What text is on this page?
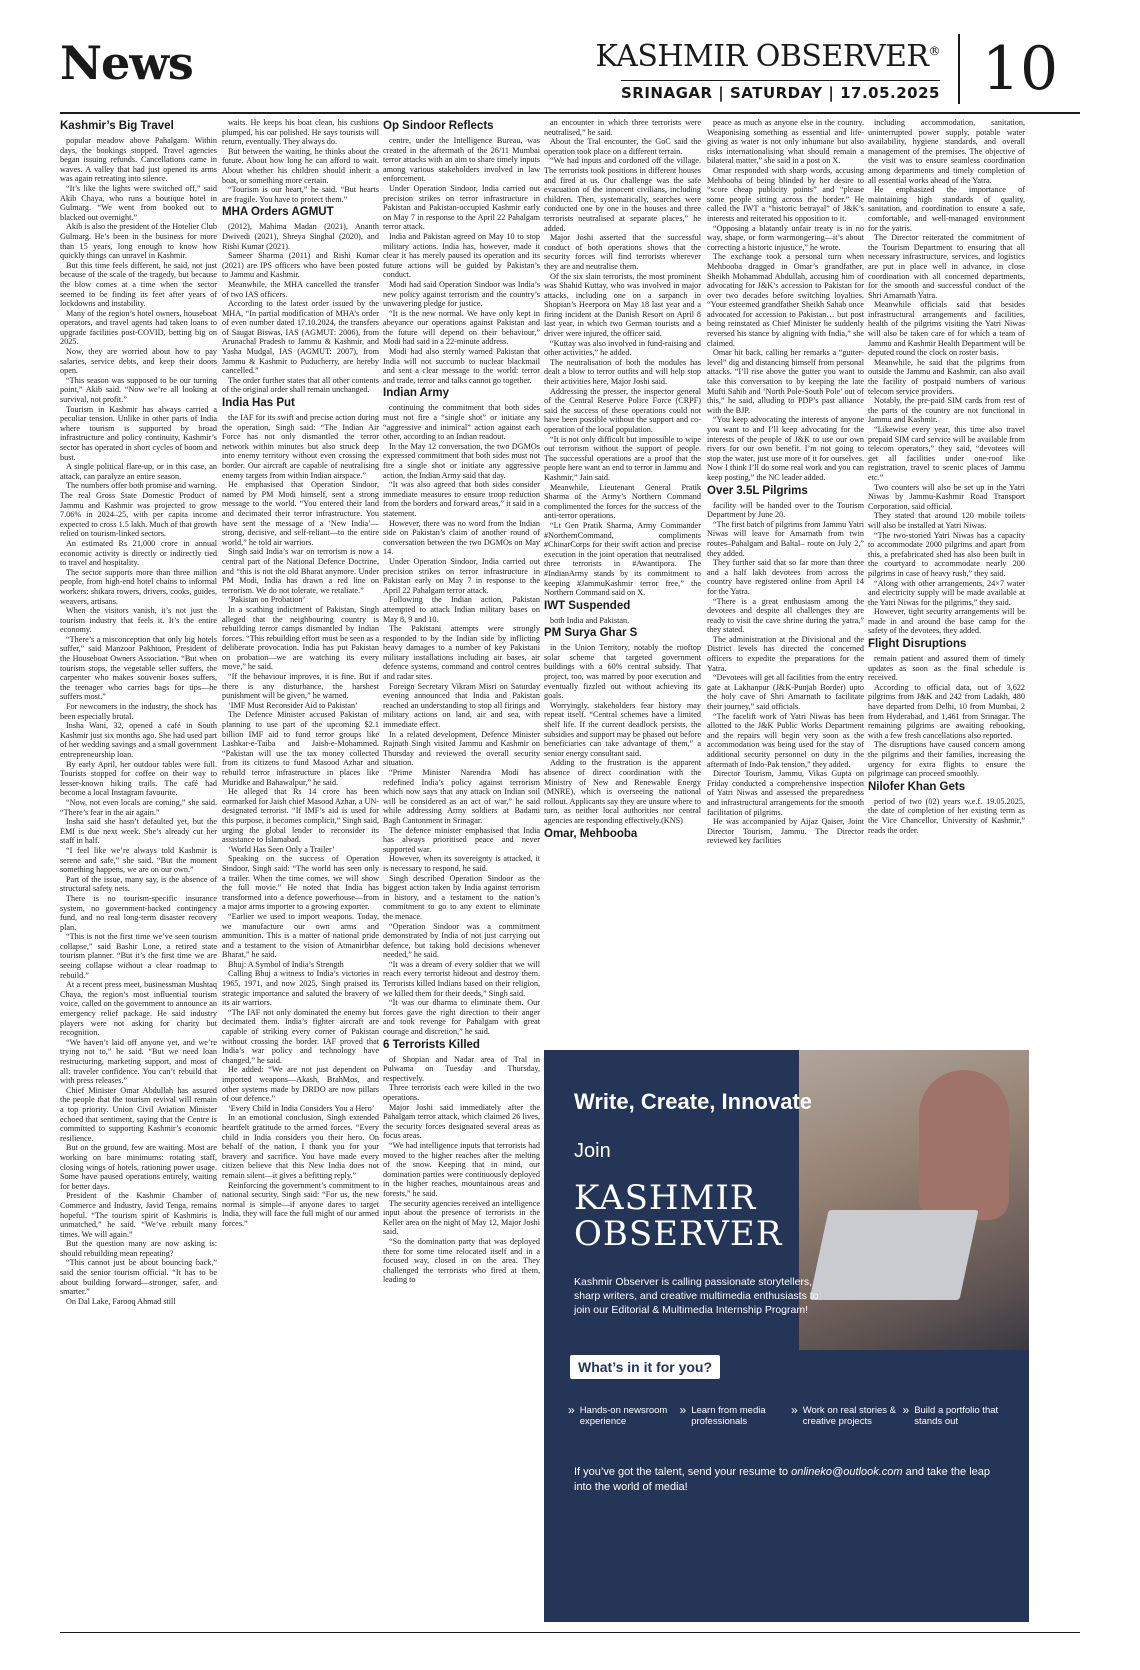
News	KASHMIR OBSERVER®
SRINAGAR | SATURDAY | 17.05.2025 10
Kashmir’s Big Travel

popular meadow above Pahalgam. Within days, the bookings stopped. Travel agencies began issuing refunds. Cancellations came in waves. A valley that had just opened its arms was again retreating into silence.

“It’s like the lights were switched off,” said Akib Chaya, who runs a boutique hotel in Gulmarg. “We went from booked out to blacked out overnight.”

Akib is also the president of the Hotelier Club Gulmarg. He’s been in the business for more than 15 years, long enough to know how quickly things can unravel in Kashmir.

But this time feels different, he said, not just because of the scale of the tragedy, but because the blow comes at a time when the sector seemed to be finding its feet after years of lockdowns and instability.

Many of the region’s hotel owners, houseboat operators, and travel agents had taken loans to upgrade facilities post-COVID, betting big on 2025.

Now, they are worried about how to pay salaries, service debts, and keep their doors open.

“This season was supposed to be our turning point,” Akib said. “Now we’re all looking at survival, not profit.”

Tourism in Kashmir has always carried a peculiar tension. Unlike in other parts of India where tourism is supported by broad infrastructure and policy continuity, Kashmir’s sector has operated in short cycles of boom and bust.

A single political flare-up, or in this case, an attack, can paralyze an entire season.

The numbers offer both promise and warning. The real Gross State Domestic Product of Jammu and Kashmir was projected to grow 7.06% in 2024–25, with per capita income expected to cross 1.5 lakh. Much of that growth relied on tourism-linked sectors.

An estimated Rs 21,000 crore in annual economic activity is directly or indirectly tied to travel and hospitality.

The sector supports more than three million people, from high-end hotel chains to informal workers: shikara rowers, drivers, cooks, guides, weavers, artisans.

When the visitors vanish, it’s not just the tourism industry that feels it. It’s the entire economy.

“There’s a misconception that only big hotels suffer,” said Manzoor Pakhtoon, President of the Houseboat Owners Association. “But when tourism stops, the vegetable seller suffers, the carpenter who makes souvenir boxes suffers, the teenager who carries bags for tips—he suffers most.”

For newcomers in the industry, the shock has been especially brutal.

Insha Wani, 32, opened a café in South Kashmir just six months ago. She had used part of her wedding savings and a small government entrepreneurship loan.

By early April, her outdoor tables were full. Tourists stopped for coffee on their way to lesser-known hiking trails. The café had become a local Instagram favourite.

“Now, not even locals are coming,” she said. “There’s fear in the air again.”

Insha said she hasn’t defaulted yet, but the EMI is due next week. She’s already cut her staff in half.

“I feel like we’re always told Kashmir is serene and safe,” she said. “But the moment something happens, we are on our own.”

Part of the issue, many say, is the absence of structural safety nets.

There is no tourism-specific insurance system, no government-backed contingency fund, and no real long-term disaster recovery plan.

“This is not the first time we’ve seen tourism collapse,” said Bashir Lone, a retired state tourism planner. “But it’s the first time we are seeing collapse without a clear roadmap to rebuild.”

At a recent press meet, businessman Mushtaq Chaya, the region’s most influential tourism voice, called on the government to announce an emergency relief package. He said industry players were not asking for charity but recognition.

“We haven’t laid off anyone yet, and we’re trying not to,” he said. “But we need loan restructuring, marketing support, and most of all: traveler confidence. You can’t rebuild that with press releases.”

Chief Minister Omar Abdullah has assured the people that the tourism revival will remain a top priority. Union Civil Aviation Minister echoed that sentiment, saying that the Centre is committed to supporting Kashmir’s economic resilience.

But on the ground, few are waiting. Most are working on bare minimums: rotating staff, closing wings of hotels, rationing power usage. Some have paused operations entirely, waiting for better days.

President of the Kashmir Chamber of Commerce and Industry, Javid Tenga, remains hopeful. “The tourism spirit of Kashmiris is unmatched,” he said. “We’ve rebuilt many times. We will again.”

But the question many are now asking is: should rebuilding mean repeating?

“This cannot just be about bouncing back,” said the senior tourism official. “It has to be about building forward—stronger, safer, and smarter.”

On Dal Lake, Farooq Ahmad still

waits. He keeps his boat clean, his cushions plumped, his oar polished. He says tourists will return, eventually. They always do.

But between the waiting, he thinks about the future. About how long he can afford to wait. About whether his children should inherit a boat, or something more certain.

“Tourism is our heart,” he said. “But hearts are fragile. You have to protect them.”

MHA Orders AGMUT

(2012), Mahima Madan (2021), Ananth Dwivedi (2021), Shreya Singhal (2020), and Rishi Kumar (2021).

Sameer Sharma (2011) and Rishi Kumar (2021) are IPS officers who have been posted to Jammu and Kashmir.

Meanwhile, the MHA cancelled the transfer of two IAS officers.

According to the latest order issued by the MHA, “In partial modification of MHA’s order of even number dated 17.10.2024, the transfers of Saugat Biswas, IAS (AGMUT: 2006), from Arunachal Pradesh to Jammu & Kashmir, and Yasha Mudgal, IAS (AGMUT: 2007), from Jammu & Kashmir to Puducherry, are hereby cancelled.”

The order further states that all other contents of the original order shall remain unchanged.

India Has Put

the IAF for its swift and precise action during the operation, Singh said: “The Indian Air Force has not only dismantled the terror network within minutes but also struck deep into enemy territory without even crossing the border. Our aircraft are capable of neutralising enemy targets from within Indian airspace.”

He emphasised that Operation Sindoor, named by PM Modi himself, sent a strong message to the world. “You entered their land and decimated their terror infrastructure. You have sent the message of a ‘New India’—strong, decisive, and self-reliant—to the entire world,” he told air warriors.

Singh said India’s war on terrorism is now a central part of the National Defence Doctrine, and “this is not the old Bharat anymore. Under PM Modi, India has drawn a red line on terrorism. We do not tolerate, we retaliate.”

‘Pakistan on Probation’

In a scathing indictment of Pakistan, Singh alleged that the neighbouring country is rebuilding terror camps dismantled by Indian forces. “This rebuilding effort must be seen as a deliberate provocation. India has put Pakistan on probation—we are watching its every move,” he said.

“If the behaviour improves, it is fine. But if there is any disturbance, the harshest punishment will be given,” he warned.

‘IMF Must Reconsider Aid to Pakistan’

The Defence Minister accused Pakistan of planning to use part of the upcoming $2.1 billion IMF aid to fund terror groups like Lashkar-e-Taiba and Jaish-e-Mohammed. “Pakistan will use the tax money collected from its citizens to fund Masood Azhar and rebuild terror infrastructure in places like Muridke and Bahawalpur,” he said.

He alleged that Rs 14 crore has been earmarked for Jaish chief Masood Azhar, a UN-designated terrorist. “If IMF’s aid is used for this purpose, it becomes complicit,” Singh said, urging the global lender to reconsider its assistance to Islamabad.

‘World Has Seen Only a Trailer’

Speaking on the success of Operation Sindoor, Singh said: “The world has seen only a trailer. When the time comes, we will show the full movie.” He noted that India has transformed into a defence powerhouse—from a major arms importer to a growing exporter.

“Earlier we used to import weapons. Today, we manufacture our own arms and ammunition. This is a matter of national pride and a testament to the vision of Atmanirbhar Bharat,” he said.

Bhuj: A Symbol of India’s Strength

Calling Bhuj a witness to India’s victories in 1965, 1971, and now 2025, Singh praised its strategic importance and saluted the bravery of its air warriors.

“The IAF not only dominated the enemy but decimated them. India’s fighter aircraft are capable of striking every corner of Pakistan without crossing the border. IAF proved that India’s war policy and technology have changed,” he said.

He added: “We are not just dependent on imported weapons—Akash, BrahMos, and other systems made by DRDO are now pillars of our defence.”

‘Every Child in India Considers You a Hero’

In an emotional conclusion, Singh extended heartfelt gratitude to the armed forces. “Every child in India considers you their hero. On behalf of the nation, I thank you for your bravery and sacrifice. You have made every citizen believe that this New India does not remain silent—it gives a befitting reply.”

Reinforcing the government’s commitment to national security, Singh said: “For us, the new normal is simple—if anyone dares to target India, they will face the full might of our armed forces.”

Op Sindoor Reflects

centre, under the Intelligence Bureau, was created in the aftermath of the 26/11 Mumbai terror attacks with an aim to share timely inputs among various stakeholders involved in law enforcement.

Under Operation Sindoor, India carried out precision strikes on terror infrastructure in Pakistan and Pakistan-occupied Kashmir early on May 7 in response to the April 22 Pahalgam terror attack.

India and Pakistan agreed on May 10 to stop military actions. India has, however, made it clear it has merely paused its operation and its future actions will be guided by Pakistan’s conduct.

Modi had said Operation Sindoor was India’s new policy against terrorism and the country’s unwavering pledge for justice.

“It is the new normal. We have only kept in abeyance our operations against Pakistan and the future will depend on their behaviour,” Modi had said in a 22-minute address.

Modi had also sternly warned Pakistan that India will not succumb to nuclear blackmail and sent a clear message to the world: terror and trade, terror and talks cannot go together.

Indian Army

continuing the commitment that both sides must not fire a “single shot” or initiate any “aggressive and inimical” action against each other, according to an Indian readout.

In the May 12 conversation, the two DGMOs expressed commitment that both sides must not fire a single shot or initiate any aggressive action, the Indian Army said that day.

“It was also agreed that both sides consider immediate measures to ensure troop reduction from the borders and forward areas,” it said in a statement.

However, there was no word from the Indian side on Pakistan’s claim of another round of conversation between the two DGMOs on May 14.

Under Operation Sindoor, India carried out precision strikes on terror infrastructure in Pakistan early on May 7 in response to the April 22 Pahalgam terror attack.

Following the Indian action, Pakistan attempted to attack Indian military bases on May 8, 9 and 10.

The Pakistani attempts were strongly responded to by the Indian side by inflicting heavy damages to a number of key Pakistani military installations including air bases, air defence systems, command and control centres and radar sites.

Foreign Secretary Vikram Misri on Saturday evening announced that India and Pakistan reached an understanding to stop all firings and military actions on land, air and sea, with immediate effect.

In a related development, Defence Minister Rajnath Singh visited Jammu and Kashmir on Thursday and reviewed the overall security situation.

“Prime Minister Narendra Modi has redefined India’s policy against terrorism which now says that any attack on Indian soil will be considered as an act of war,” he said while addressing Army soldiers at Badami Bagh Cantonment in Srinagar.

The defence minister emphasised that India has always prioritised peace and never supported war.

However, when its sovereignty is attacked, it is necessary to respond, he said.

Singh described Operation Sindoor as the biggest action taken by India against terrorism in history, and a testament to the nation’s commitment to go to any extent to eliminate the menace.

“Operation Sindoor was a commitment demonstrated by India of not just carrying out defence, but taking bold decisions whenever needed,” he said.

“It was a dream of every soldier that we will reach every terrorist hideout and destroy them. Terrorists killed Indians based on their religion, we killed them for their deeds,” Singh said.

“It was our dharma to eliminate them. Our forces gave the right direction to their anger and took revenge for Pahalgam with great courage and discretion,” he said.

6 Terrorists Killed

of Shopian and Nadar area of Tral in Pulwama on Tuesday and Thursday, respectively.

Three terrorists each were killed in the two operations.

Major Joshi said immediately after the Pahalgam terror attack, which claimed 26 lives, the security forces designated several areas as focus areas.

“We had intelligence inputs that terrorists had moved to the higher reaches after the melting of the snow. Keeping that in mind, our domination parties were continuously deployed in the higher reaches, mountainous areas and forests,” he said.

The security agencies received an intelligence input about the presence of terrorists in the Keller area on the night of May 12, Major Joshi said.

“So the domination party that was deployed there for some time relocated itself and in a focused way, closed in on the area. They challenged the terrorists who fired at them, leading to

an encounter in which three terrorists were neutralised,” he said.

About the Tral encounter, the GoC said the operation took place on a different terrain.

“We had inputs and cordoned off the village. The terrorists took positions in different houses and fired at us. Our challenge was the safe evacuation of the innocent civilians, including children. Then, systematically, searches were conducted one by one in the houses and three terrorists neutralised at separate places,” he added.

Major Joshi asserted that the successful conduct of both operations shows that the security forces will find terrorists wherever they are and neutralise them.

Of the six slain terrorists, the most prominent was Shahid Kuttay, who was involved in major attacks, including one on a sarpanch in Shopian’s Heerpora on May 18 last year and a firing incident at the Danish Resort on April 8 last year, in which two German tourists and a driver were injured, the officer said.

“Kuttay was also involved in fund-raising and other activities,” he added.

The neutralisation of both the modules has dealt a blow to terror outfits and will help stop their activities here, Major Joshi said.

Addressing the presser, the inspector general of the Central Reserve Police Force (CRPF) said the success of these operations could not have been possible without the support and co-operation of the local population.

“It is not only difficult but impossible to wipe out terrorism without the support of people. The successful operations are a proof that the people here want an end to terror in Jammu and Kashmir,” Jain said.

Meanwhile, Lieutenant General Pratik Sharma of the Army’s Northern Command complimented the forces for the success of the anti-terror operations.

“Lt Gen Pratik Sharma, Army Commander #NorthernCommand, compliments #ChinarCorps for their swift action and precise execution in the joint operation that neutralised three terrorists in #Awantipora. The #IndianArmy stands by its commitment to keeping #JammuKashmir terror free,” the Northern Command said on X.

IWT Suspended

both India and Pakistan.

PM Surya Ghar S

in the Union Territory, notably the rooftop solar scheme that targeted government buildings with a 60% central subsidy. That project, too, was marred by poor execution and eventually fizzled out without achieving its goals.

Worryingly, stakeholders fear history may repeat itself. “Central schemes have a limited shelf life. If the current deadlock persists, the subsidies and support may be phased out before beneficiaries can take advantage of them,” a senior energy consultant said.

Adding to the frustration is the apparent absence of direct coordination with the Ministry of New and Renewable Energy (MNRE), which is overseeing the national rollout. Applicants say they are unsure where to turn, as neither local authorities nor central agencies are responding effectively.(KNS)

Omar, Mehbooba

peace as much as anyone else in the country. Weaponising something as essential and life-giving as water is not only inhumane but also risks internationalising what should remain a bilateral matter,” she said in a post on X.

Omar responded with sharp words, accusing Mehbooba of being blinded by her desire to “score cheap publicity points” and “please some people sitting across the border.” He called the IWT a “historic betrayal” of J&K’s interests and reiterated his opposition to it.

“Opposing a blatantly unfair treaty is in no way, shape, or form warmongering—it’s about correcting a historic injustice,” he wrote.

The exchange took a personal turn when Mehbooba dragged in Omar’s grandfather, Sheikh Mohammad Abdullah, accusing him of advocating for J&K’s accession to Pakistan for over two decades before switching loyalties. “Your esteemed grandfather Sheikh Sahab once advocated for accession to Pakistan… but post being reinstated as Chief Minister he suddenly reversed his stance by aligning with India,” she claimed.

Omar hit back, calling her remarks a “gutter-level” dig and distancing himself from personal attacks. “I’ll rise above the gutter you want to take this conversation to by keeping the late Mufti Sahib and ‘North Pole-South Pole’ out of this,” he said, alluding to PDP’s past alliance with the BJP.

“You keep advocating the interests of anyone you want to and I’ll keep advocating for the interests of the people of J&K to use our own rivers for our own benefit. I’m not going to stop the water, just use more of it for ourselves. Now I think I’ll do some real work and you can keep posting,” the NC leader added.

Over 3.5L Pilgrims

facility will be handed over to the Tourism Department by June 20.

“The first batch of pilgrims from Jammu Yatri Niwas will leave for Amarnath from twin routes–Pahalgam and Baltal– route on July 2,” they added.

They further said that so far more than three and a half lakh devotees from across the country have registered online from April 14 for the Yatra.

“There is a great enthusiasm among the devotees and despite all challenges they are ready to visit the cave shrine during the yatra,” they stated.

The administration at the Divisional and the District levels has directed the concerned officers to expedite the preparations for the Yatra.

“Devotees will get all facilities from the entry gate at Lakhanpur (J&K-Punjab Border) upto the holy cave of Shri Amarnath to facilitate their journey,” said officials.

“The facelift work of Yatri Niwas has been allotted to the J&K Public Works Department and the repairs will begin very soon as the accommodation was being used for the stay of additional security personnel on duty in the aftermath of Indo-Pak tension,” they added.

Director Tourism, Jammu, Vikas Gupta on Friday conducted a comprehensive inspection of Yatri Niwas and assessed the preparedness and infrastructural arrangements for the smooth facilitation of pilgrims.

He was accompanied by Aijaz Qaiser, Joint Director Tourism, Jammu. The Director reviewed key facilities

including accommodation, sanitation, uninterrupted power supply, potable water availability, hygiene standards, and overall management of the premises. The objective of the visit was to ensure seamless coordination among departments and timely completion of all essential works ahead of the Yatra.

He emphasized the importance of maintaining high standards of quality, sanitation, and coordination to ensure a safe, comfortable, and well-managed environment for the yatris.

The Director reiterated the commitment of the Tourism Department to ensuring that all necessary infrastructure, services, and logistics are put in place well in advance, in close coordination with all concerned departments, for the smooth and successful conduct of the Shri Amarnath Yatra.

Meanwhile officials said that besides infrastructural arrangements and facilities, health of the pilgrims visiting the Yatri Niwas will also be taken care of for which a team of Jammu and Kashmir Health Department will be deputed round the clock on roster basis.

Meanwhile, he said that the pilgrims from outside the Jammu and Kashmir, can also avail the facility of postpaid numbers of various telecom service providers.

Notably, the pre-paid SIM cards from rest of the parts of the country are not functional in Jammu and Kashmir.

“Likewise every year, this time also travel prepaid SIM card service will be available from telecom operators,” they said, “devotees will get all facilities under one-roof like registration, travel to scenic places of Jammu etc.”

Two counters will also be set up in the Yatri Niwas by Jammu-Kashmir Road Transport Corporation, said official.

They stated that around 120 mobile toilets will also be installed at Yatri Niwas.

“The two-storied Yatri Niwas has a capacity to accommodate 2000 pilgrims and apart from this, a prefabricated shed has also been built in the courtyard to accommodate nearly 200 pilgrims in case of heavy rush,” they said.

“Along with other arrangements, 24×7 water and electricity supply will be made available at the Yatri Niwas for the pilgrims,” they said.

However, tight security arrangements will be made in and around the base camp for the safety of the devotees, they added.

Flight Disruptions

remain patient and assured them of timely updates as soon as the final schedule is received.

According to official data, out of 3,622 pilgrims from J&K and 242 from Ladakh, 480 have departed from Delhi, 10 from Mumbai, 2 from Hyderabad, and 1,461 from Srinagar. The remaining pilgrims are awaiting rebooking, with a few fresh cancellations also reported.

The disruptions have caused concern among the pilgrims and their families, increasing the urgency for extra flights to ensure the pilgrimage can proceed smoothly.

Nilofer Khan Gets

period of two (02) years w.e.f. 19.05.2025, the date of completion of her existing term as the Vice Chancellor, University of Kashmir,” reads the order.

Write, Create, Innovate
Join
KASHMIR
OBSERVER
Kashmir Observer is calling passionate storytellers, sharp writers, and creative multimedia enthusiasts to join our Editorial & Multimedia Internship Program!
What’s in it for you?
» Hands-on newsroom experience
» Learn from media professionals
» Work on real stories & creative projects
» Build a portfolio that stands out
If you’ve got the talent, send your resume to onlineko@outlook.com and take the leap into the world of media!
